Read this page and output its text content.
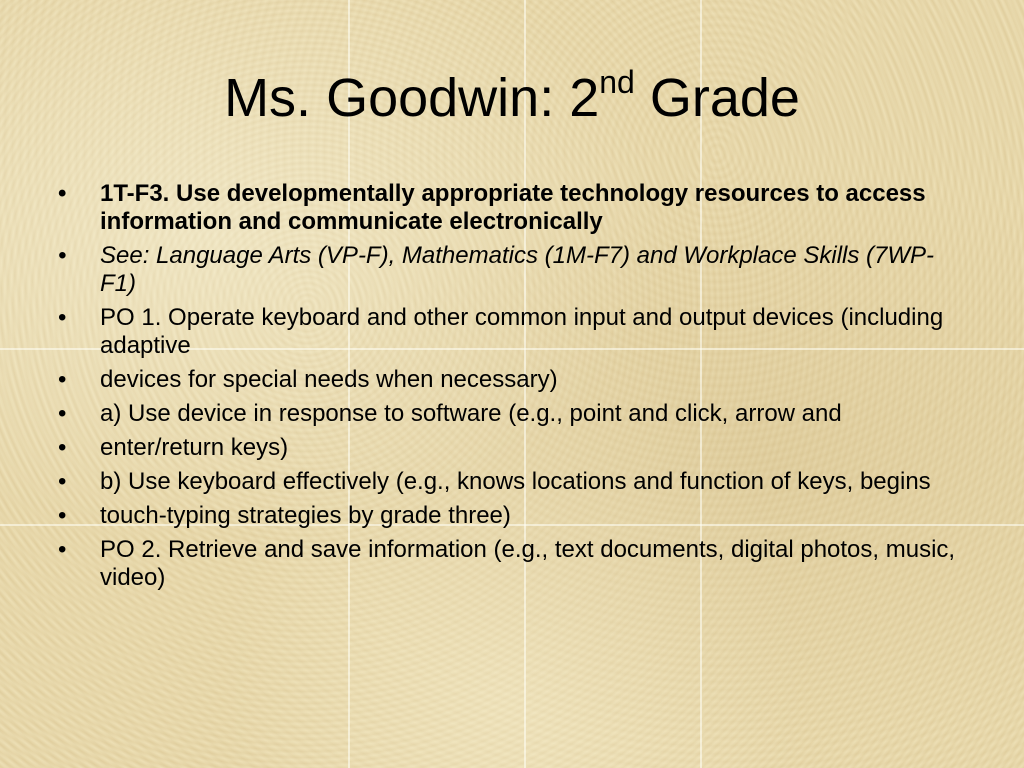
Ms. Goodwin: 2nd Grade
•	1T-F3. Use developmentally appropriate technology resources to access information and communicate electronically
•	See: Language Arts (VP-F), Mathematics (1M-F7) and Workplace Skills (7WP-F1)
•	PO 1. Operate keyboard and other common input and output devices (including adaptive
•	devices for special needs when necessary)
•	a) Use device in response to software (e.g., point and click, arrow and
•	enter/return keys)
•	b) Use keyboard effectively (e.g., knows locations and function of keys, begins
•	touch-typing strategies by grade three)
•	PO 2. Retrieve and save information (e.g., text documents, digital photos, music, video)
